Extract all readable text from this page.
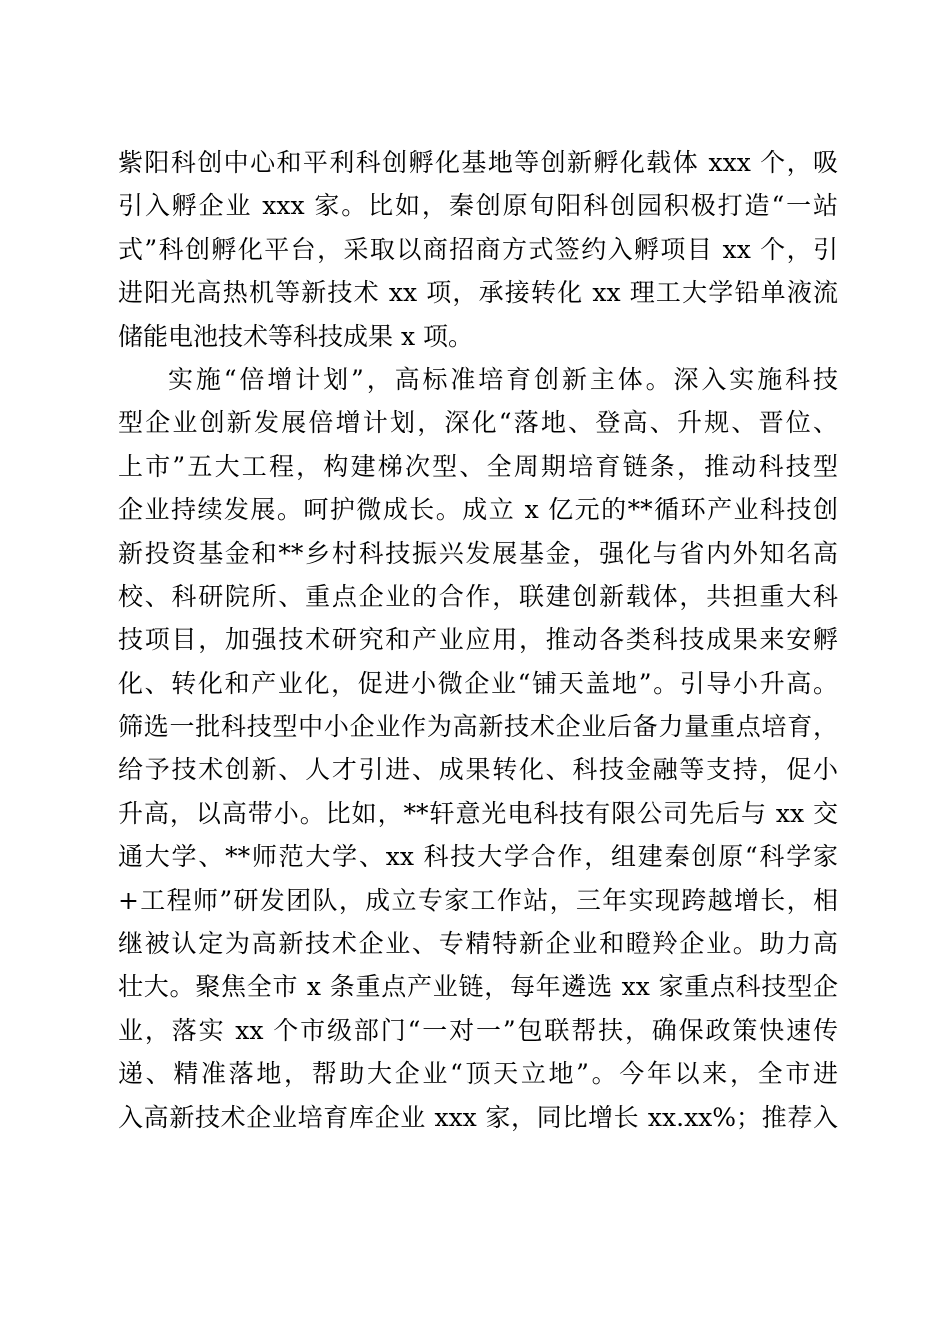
紫阳科创中心和平利科创孵化基地等创新孵化载体 xxx 个，吸
引入孵企业 xxx 家。比如，秦创原旬阳科创园积极打造“一站
式”科创孵化平台，采取以商招商方式签约入孵项目 xx 个，引
进阳光高热机等新技术 xx 项，承接转化 xx 理工大学铅单液流
储能电池技术等科技成果 x 项。
实施“倍增计划”，高标准培育创新主体。深入实施科技
型企业创新发展倍增计划，深化“落地、登高、升规、晋位、
上市”五大工程，构建梯次型、全周期培育链条，推动科技型
企业持续发展。呵护微成长。成立 x 亿元的**循环产业科技创
新投资基金和**乡村科技振兴发展基金，强化与省内外知名高
校、科研院所、重点企业的合作，联建创新载体，共担重大科
技项目，加强技术研究和产业应用，推动各类科技成果来安孵
化、转化和产业化，促进小微企业“铺天盖地”。引导小升高。
筛选一批科技型中小企业作为高新技术企业后备力量重点培育，
给予技术创新、人才引进、成果转化、科技金融等支持，促小
升高，以高带小。比如，**轩意光电科技有限公司先后与 xx 交
通大学、**师范大学、xx 科技大学合作，组建秦创原“科学家
+工程师”研发团队，成立专家工作站，三年实现跨越增长，相
继被认定为高新技术企业、专精特新企业和瞪羚企业。助力高
壮大。聚焦全市 x 条重点产业链，每年遴选 xx 家重点科技型企
业，落实 xx 个市级部门“一对一”包联帮扶，确保政策快速传
递、精准落地，帮助大企业“顶天立地”。今年以来，全市进
入高新技术企业培育库企业 xxx 家，同比增长 xx.xx%；推荐入
